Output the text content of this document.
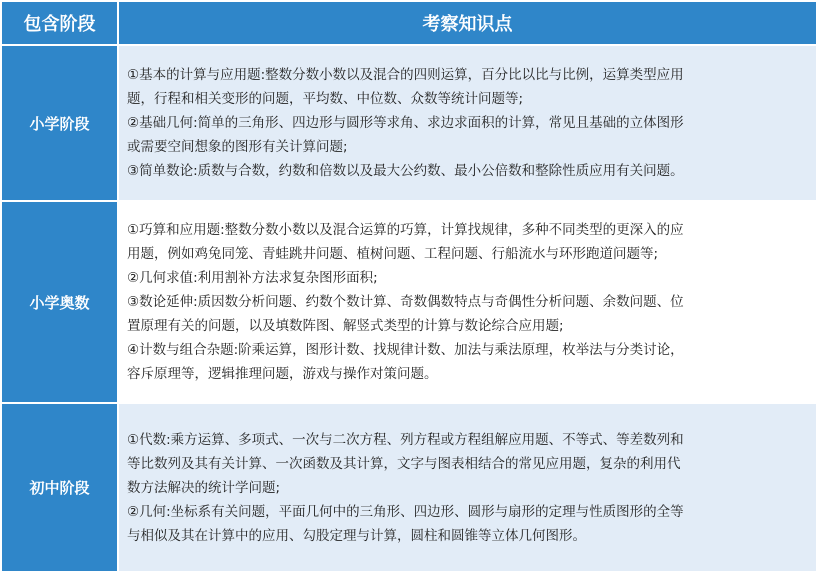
包含阶段	考察知识点
小学阶段
①基本的计算与应用题:整数分数小数以及混合的四则运算，百分比以比与比例，运算类型应用
题，行程和相关变形的问题，平均数、中位数、众数等统计问题等;
②基础几何:简单的三角形、四边形与圆形等求角、求边求面积的计算，常见且基础的立体图形
或需要空间想象的图形有关计算问题;
③简单数论:质数与合数，约数和倍数以及最大公约数、最小公倍数和整除性质应用有关问题。
小学奥数
①巧算和应用题:整数分数小数以及混合运算的巧算，计算找规律，多种不同类型的更深入的应
用题，例如鸡兔同笼、青蛙跳井问题、植树问题、工程问题、行船流水与环形跑道问题等;
②几何求值:利用割补方法求复杂图形面积;
③数论延伸:质因数分析问题、约数个数计算、奇数偶数特点与奇偶性分析问题、余数问题、位
置原理有关的问题，以及填数阵图、解竖式类型的计算与数论综合应用题;
④计数与组合杂题:阶乘运算，图形计数、找规律计数、加法与乘法原理，枚举法与分类讨论，
容斥原理等，逻辑推理问题，游戏与操作对策问题。
初中阶段
①代数:乘方运算、多项式、一次与二次方程、列方程或方程组解应用题、不等式、等差数列和
等比数列及其有关计算、一次函数及其计算，文字与图表相结合的常见应用题，复杂的利用代
数方法解决的统计学问题;
②几何:坐标系有关问题，平面几何中的三角形、四边形、圆形与扇形的定理与性质图形的全等
与相似及其在计算中的应用、勾股定理与计算，圆柱和圆锥等立体几何图形。
